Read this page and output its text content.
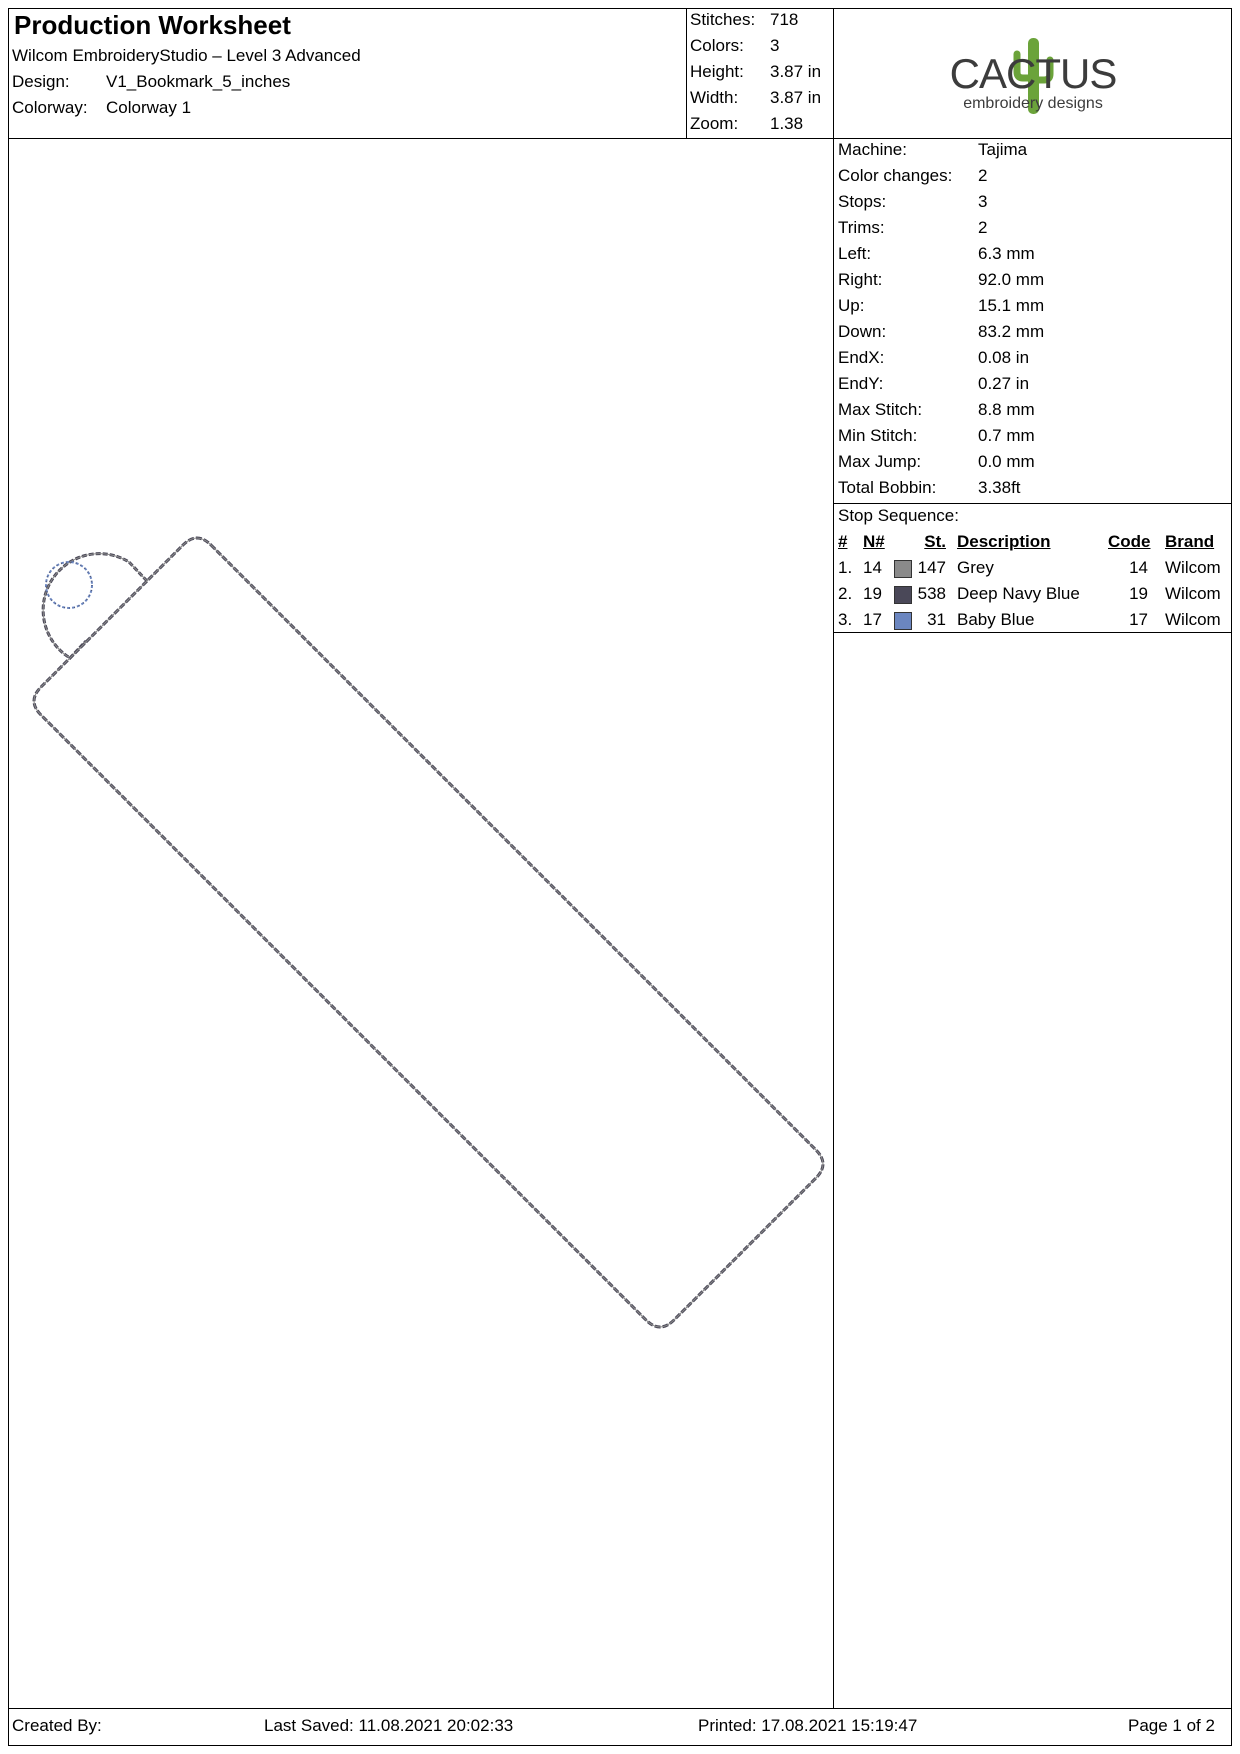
Production Worksheet
Wilcom EmbroideryStudio – Level 3 Advanced
Design: V1_Bookmark_5_inches
Colorway: Colorway 1
Stitches: 718
Colors: 3
Height: 3.87 in
Width: 3.87 in
Zoom: 1.38
CACTUS
embroidery designs
Machine:	Tajima
Color changes: 2
Stops:	3
Trims:	2
Left:	6.3 mm
Right:	92.0 mm
Up:	15.1 mm
Down:	83.2 mm
EndX:	0.08 in
EndY:	0.27 in
Max Stitch:	8.8 mm
Min Stitch:	0.7 mm
Max Jump:	0.0 mm
Total Bobbin: 3.38ft
Stop Sequence:
# N#	St. Description	Code Brand
1. 14	147 Grey	14 Wilcom
2. 19	538 Deep Navy Blue	19 Wilcom
3. 17	31 Baby Blue	17 Wilcom
Created By:	Last Saved: 11.08.2021 20:02:33	Printed: 17.08.2021 15:19:47	Page 1 of 2
